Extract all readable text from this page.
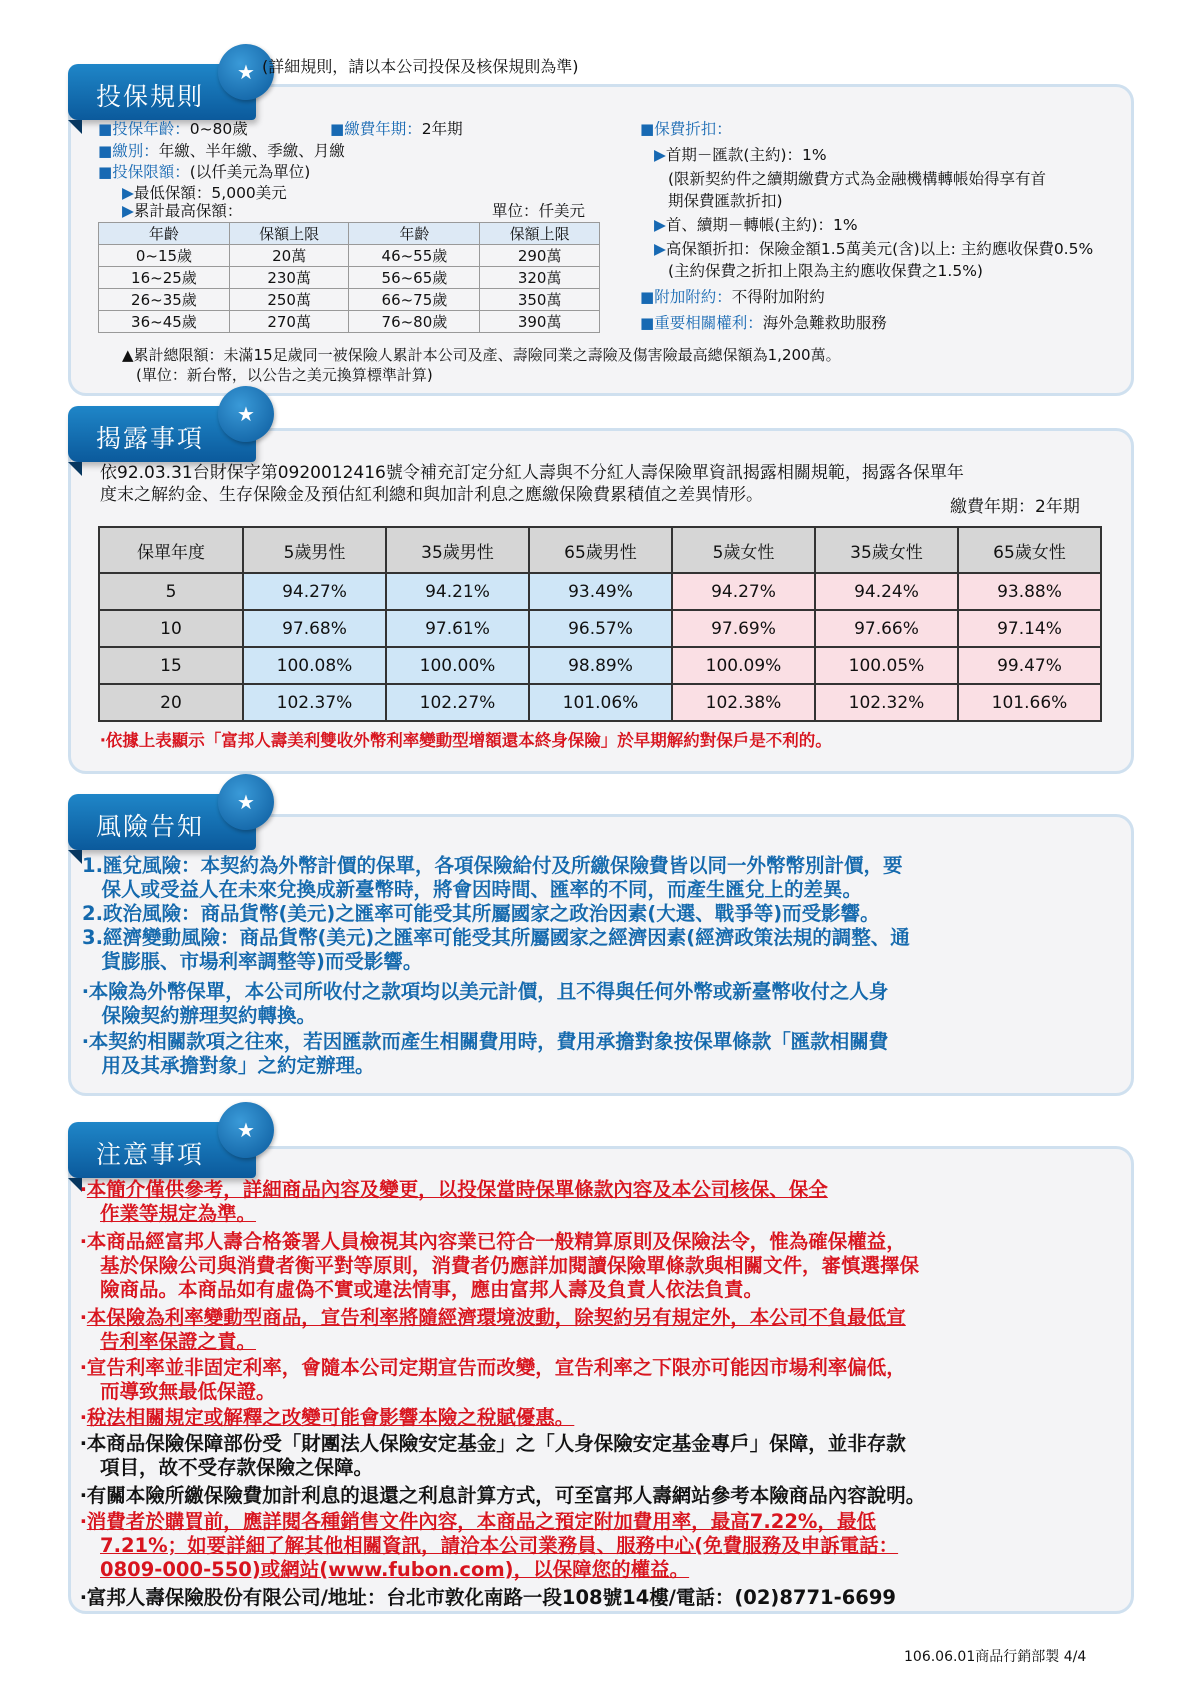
投保規則
★ (詳細規則，請以本公司投保及核保規則為準)
■投保年齡：0~80歲	■繳費年期：2年期
■繳別：年繳、半年繳、季繳、月繳
■投保限額：(以仟美元為單位)
▶最低保額：5,000美元
▶累計最高保額：	單位：仟美元
年齡	保額上限	年齡	保額上限
0~15歲	20萬	46~55歲	290萬
16~25歲	230萬	56~65歲	320萬
26~35歲	250萬	66~75歲	350萬
36~45歲	270萬	76~80歲	390萬
▲累計總限額：未滿15足歲同一被保險人累計本公司及產、壽險同業之壽險及傷害險最高總保額為1,200萬。
(單位：新台幣，以公告之美元換算標準計算)
■保費折扣：
▶首期－匯款(主約)：1%
(限新契約件之續期繳費方式為金融機構轉帳始得享有首
期保費匯款折扣)
▶首、續期－轉帳(主約)：1%
▶高保額折扣：保險金額1.5萬美元(含)以上: 主約應收保費0.5%
(主約保費之折扣上限為主約應收保費之1.5%)
■附加附約：不得附加附約
■重要相關權利：海外急難救助服務
揭露事項
★
依92.03.31台財保字第0920012416號令補充訂定分紅人壽與不分紅人壽保險單資訊揭露相關規範，揭露各保單年
度末之解約金、生存保險金及預估紅利總和與加計利息之應繳保險費累積值之差異情形。
繳費年期：2年期
保單年度	5歲男性	35歲男性	65歲男性	5歲女性	35歲女性	65歲女性
5	94.27%	94.21%	93.49%	94.27%	94.24%	93.88%
10	97.68%	97.61%	96.57%	97.69%	97.66%	97.14%
15	100.08%	100.00%	98.89%	100.09%	100.05%	99.47%
20	102.37%	102.27%	101.06%	102.38%	102.32%	101.66%
‧依據上表顯示「富邦人壽美利雙收外幣利率變動型增額還本終身保險」於早期解約對保戶是不利的。
風險告知
★
1.匯兌風險：本契約為外幣計價的保單，各項保險給付及所繳保險費皆以同一外幣幣別計價，要
　保人或受益人在未來兌換成新臺幣時，將會因時間、匯率的不同，而產生匯兌上的差異。
2.政治風險：商品貨幣(美元)之匯率可能受其所屬國家之政治因素(大選、戰爭等)而受影響。
3.經濟變動風險：商品貨幣(美元)之匯率可能受其所屬國家之經濟因素(經濟政策法規的調整、通
　貨膨脹、市場利率調整等)而受影響。
‧本險為外幣保單，本公司所收付之款項均以美元計價，且不得與任何外幣或新臺幣收付之人身
　保險契約辦理契約轉換。
‧本契約相關款項之往來，若因匯款而產生相關費用時，費用承擔對象按保單條款「匯款相關費
　用及其承擔對象」之約定辦理。
注意事項
★
‧本簡介僅供參考，詳細商品內容及變更，以投保當時保單條款內容及本公司核保、保全
作業等規定為準。
‧本商品經富邦人壽合格簽署人員檢視其內容業已符合一般精算原則及保險法令，惟為確保權益，
基於保險公司與消費者衡平對等原則，消費者仍應詳加閱讀保險單條款與相關文件，審慎選擇保
險商品。本商品如有虛偽不實或違法情事，應由富邦人壽及負責人依法負責。
‧本保險為利率變動型商品，宣告利率將隨經濟環境波動，除契約另有規定外，本公司不負最低宣
告利率保證之責。
‧宣告利率並非固定利率，會隨本公司定期宣告而改變，宣告利率之下限亦可能因市場利率偏低，
而導致無最低保證。
‧稅法相關規定或解釋之改變可能會影響本險之稅賦優惠。
‧本商品保險保障部份受「財團法人保險安定基金」之「人身保險安定基金專戶」保障，並非存款
項目，故不受存款保險之保障。
‧有關本險所繳保險費加計利息的退還之利息計算方式，可至富邦人壽網站參考本險商品內容說明。
‧消費者於購買前，應詳閱各種銷售文件內容，本商品之預定附加費用率，最高7.22%，最低
7.21%；如要詳細了解其他相關資訊，請洽本公司業務員、服務中心(免費服務及申訴電話：
0809-000-550)或網站(www.fubon.com)，以保障您的權益。
‧富邦人壽保險股份有限公司/地址：台北市敦化南路一段108號14樓/電話：(02)8771-6699
106.06.01商品行銷部製 4/4
